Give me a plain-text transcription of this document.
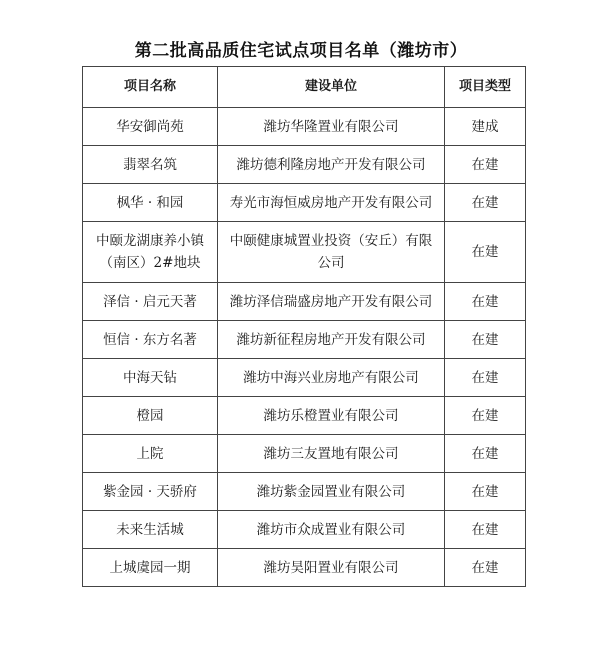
第二批高品质住宅试点项目名单（潍坊市）
项目名称	建设单位	项目类型
华安御尚苑	潍坊华隆置业有限公司	建成
翡翠名筑	潍坊德利隆房地产开发有限公司	在建
枫华 · 和园	寿光市海恒威房地产开发有限公司	在建
中颐龙湖康养小镇（南区）2#地块	中颐健康城置业投资（安丘）有限公司	在建
泽信 · 启元天著	潍坊泽信瑞盛房地产开发有限公司	在建
恒信 · 东方名著	潍坊新征程房地产开发有限公司	在建
中海天钻	潍坊中海兴业房地产有限公司	在建
橙园	潍坊乐橙置业有限公司	在建
上院	潍坊三友置地有限公司	在建
紫金园 · 天骄府	潍坊紫金园置业有限公司	在建
未来生活城	潍坊市众成置业有限公司	在建
上城虞园一期	潍坊昊阳置业有限公司	在建
